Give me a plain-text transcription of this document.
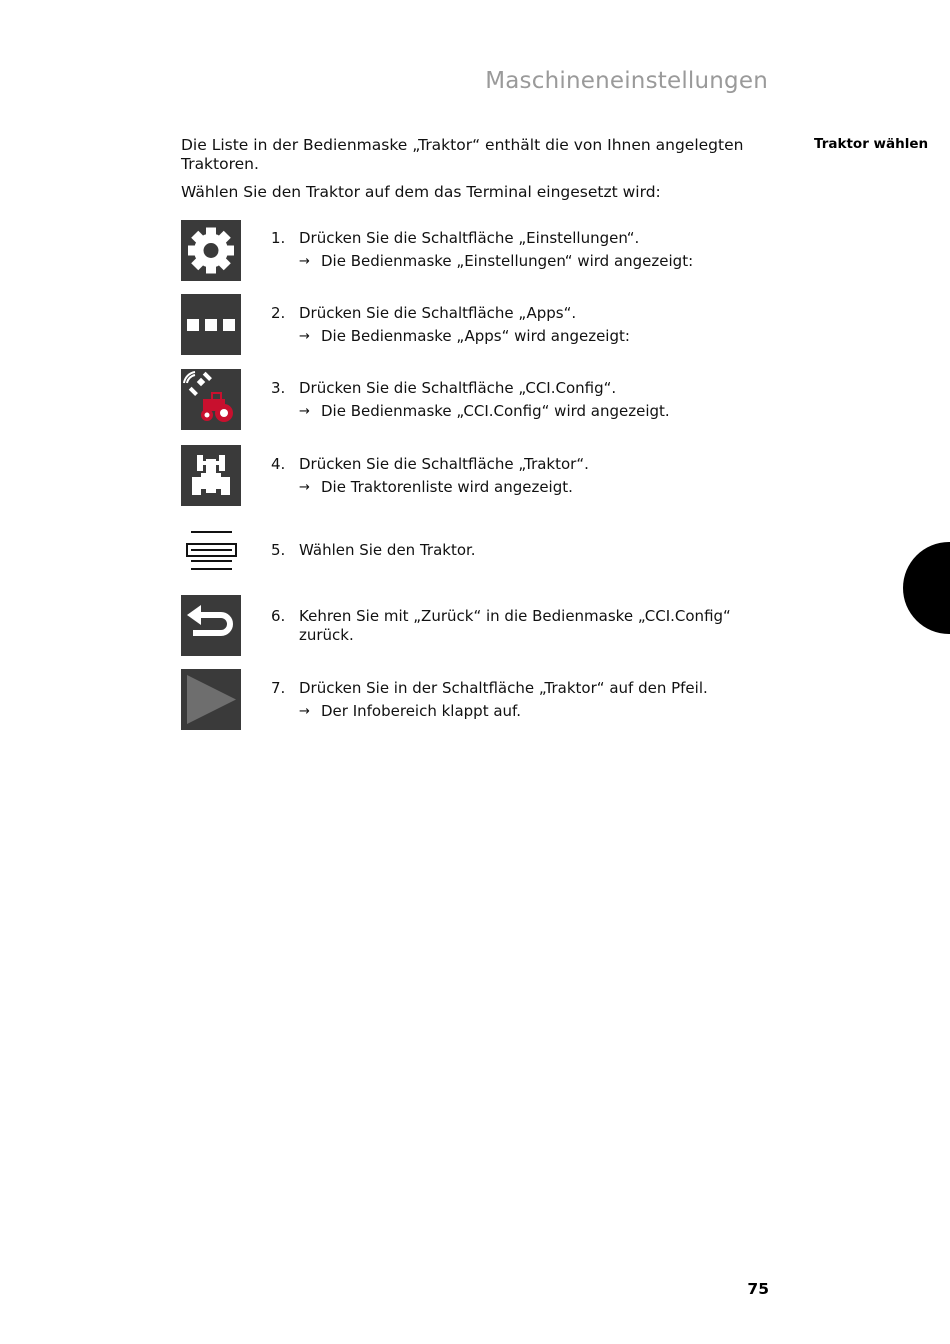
Maschineneinstellungen
Traktor wählen

Die Liste in der Bedienmaske „Traktor“ enthält die von Ihnen angelegten Traktoren.

Wählen Sie den Traktor auf dem das Terminal eingesetzt wird:

1. Drücken Sie die Schaltfläche „Einstellungen“.
→ Die Bedienmaske „Einstellungen“ wird angezeigt:
2. Drücken Sie die Schaltfläche „Apps“.
→ Die Bedienmaske „Apps“ wird angezeigt:
3. Drücken Sie die Schaltfläche „CCI.Config“.
→ Die Bedienmaske „CCI.Config“ wird angezeigt.
4. Drücken Sie die Schaltfläche „Traktor“.
→ Die Traktorenliste wird angezeigt.
5. Wählen Sie den Traktor.
6. Kehren Sie mit „Zurück“ in die Bedienmaske „CCI.Config“ zurück.
7. Drücken Sie in der Schaltfläche „Traktor“ auf den Pfeil.
→ Der Infobereich klappt auf.
75
